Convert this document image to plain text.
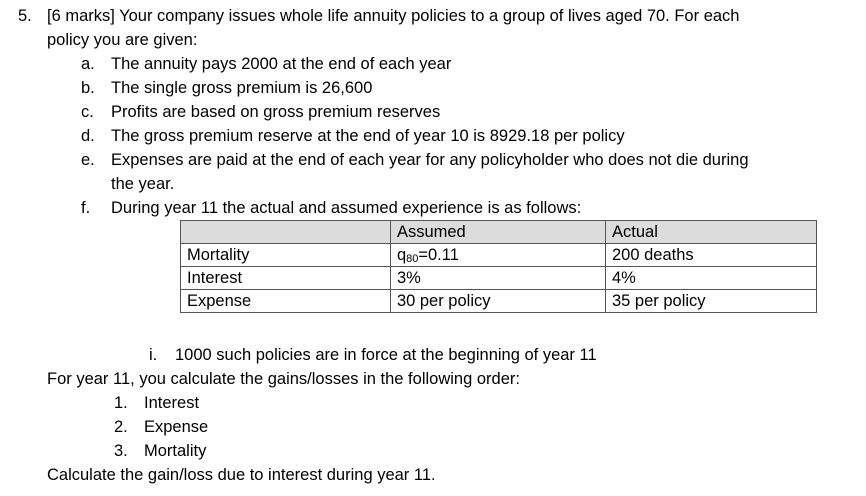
5. [6 marks] Your company issues whole life annuity policies to a group of lives aged 70. For each
policy you are given:
a. The annuity pays 2000 at the end of each year
b. The single gross premium is 26,600
c. Profits are based on gross premium reserves
d. The gross premium reserve at the end of year 10 is 8929.18 per policy
e. Expenses are paid at the end of each year for any policyholder who does not die during
the year.
f. During year 11 the actual and assumed experience is as follows:
	Assumed	Actual
Mortality	$q_{80}=0.11$	200 deaths
Interest	3%	4%
Expense	30 per policy	35 per policy
i. 1000 such policies are in force at the beginning of year 11
For year 11, you calculate the gains/losses in the following order:
1. Interest
2. Expense
3. Mortality
Calculate the gain/loss due to interest during year 11.
